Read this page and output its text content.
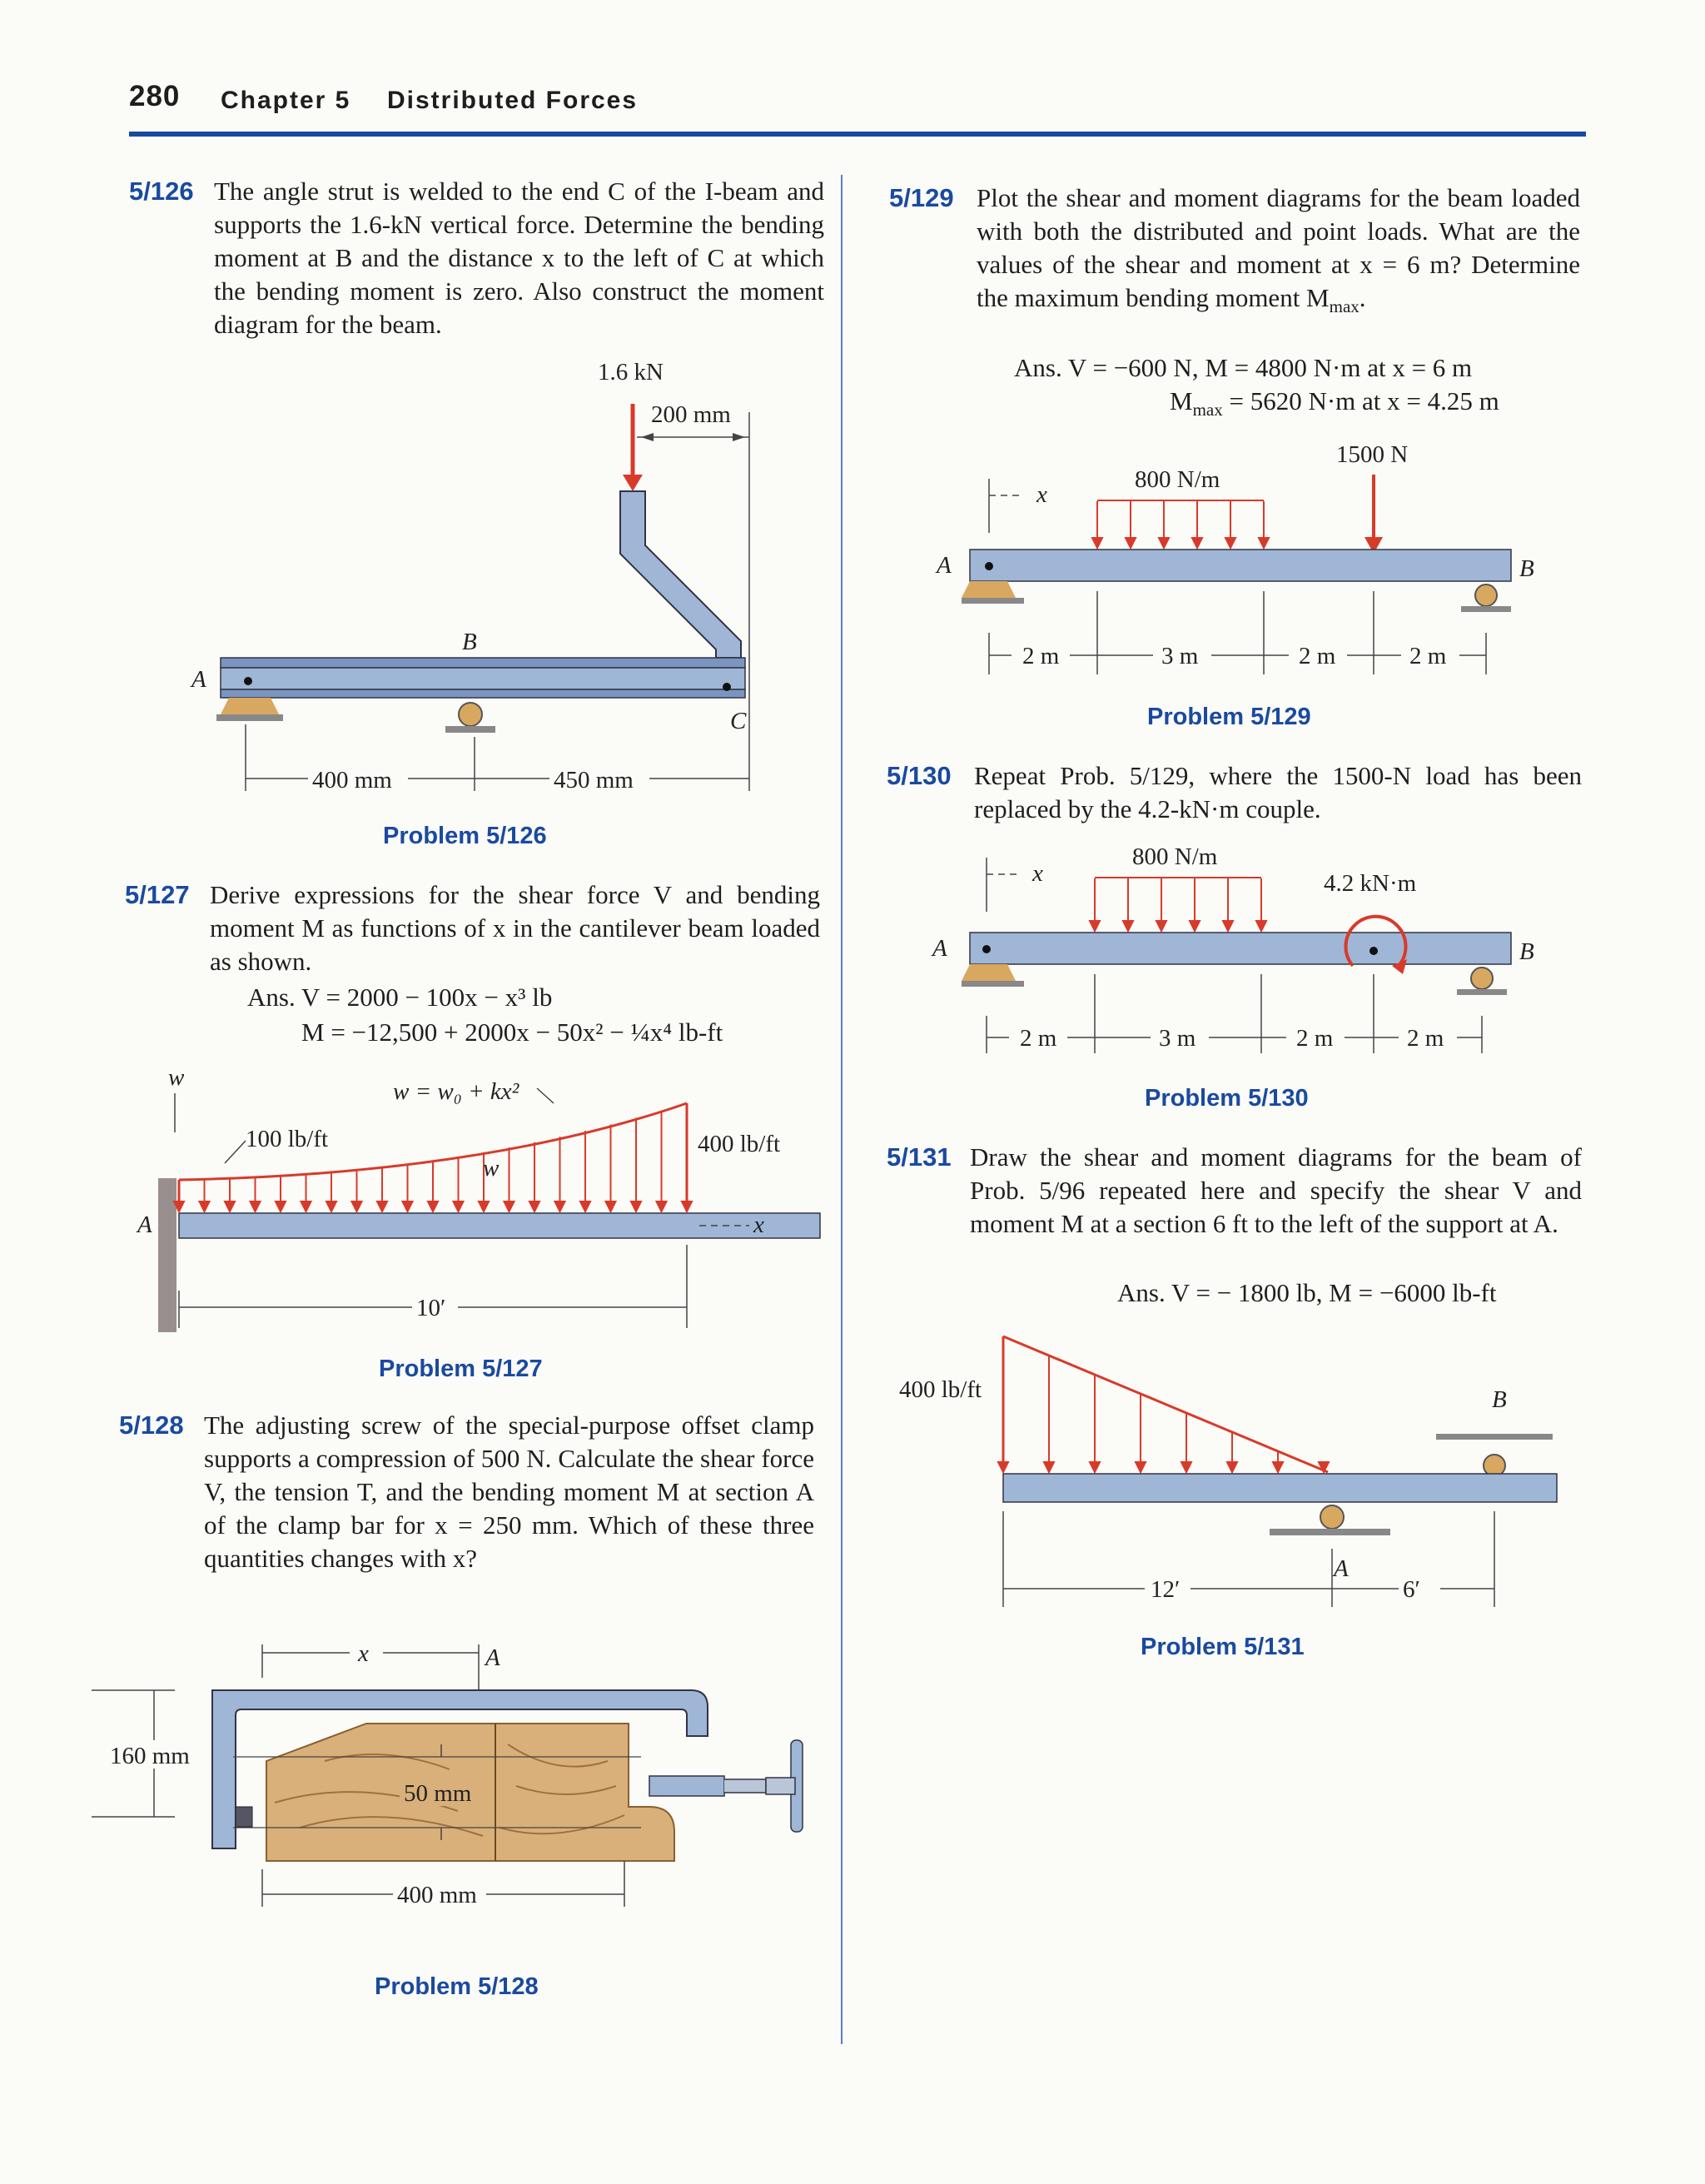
280 Chapter 5 Distributed Forces
5/126 The angle strut is welded to the end C of the I-beam and supports the 1.6-kN vertical force. Determine the bending moment at B and the distance x to the left of C at which the bending moment is zero. Also construct the moment diagram for the beam.
1.6 kN
200 mm
A
B
C
400 mm	450 mm
Problem 5/126
5/127 Derive expressions for the shear force V and bending moment M as functions of x in the cantilever beam loaded as shown.
Ans. V = 2000 − 100x − x³ lb
M = −12,500 + 2000x − 50x² − ¼x⁴ lb-ft
w
w = w₀ + kx²
100 lb/ft	400 lb/ft
w
x
A
10′
Problem 5/127
5/128 The adjusting screw of the special-purpose offset clamp supports a compression of 500 N. Calculate the shear force V, the tension T, and the bending moment M at section A of the clamp bar for x = 250 mm. Which of these three quantities changes with x?
x	A
160 mm
50 mm
400 mm
Problem 5/128
5/129 Plot the shear and moment diagrams for the beam loaded with both the distributed and point loads. What are the values of the shear and moment at x = 6 m? Determine the maximum bending moment $M_{max}$.
Ans. V = −600 N, M = 4800 N·m at x = 6 m
$M_{max} = 5620$ N·m at x = 4.25 m
1500 N
800 N/m
x
A	B
2 m	3 m	2 m	2 m
Problem 5/129
5/130 Repeat Prob. 5/129, where the 1500-N load has been replaced by the 4.2-kN·m couple.
800 N/m
4.2 kN·m
x
A	B
2 m	3 m	2 m	2 m
Problem 5/130
5/131 Draw the shear and moment diagrams for the beam of Prob. 5/96 repeated here and specify the shear V and moment M at a section 6 ft to the left of the support at A.
Ans. V = − 1800 lb, M = −6000 lb-ft
400 lb/ft	B
A
12′	6′
Problem 5/131
